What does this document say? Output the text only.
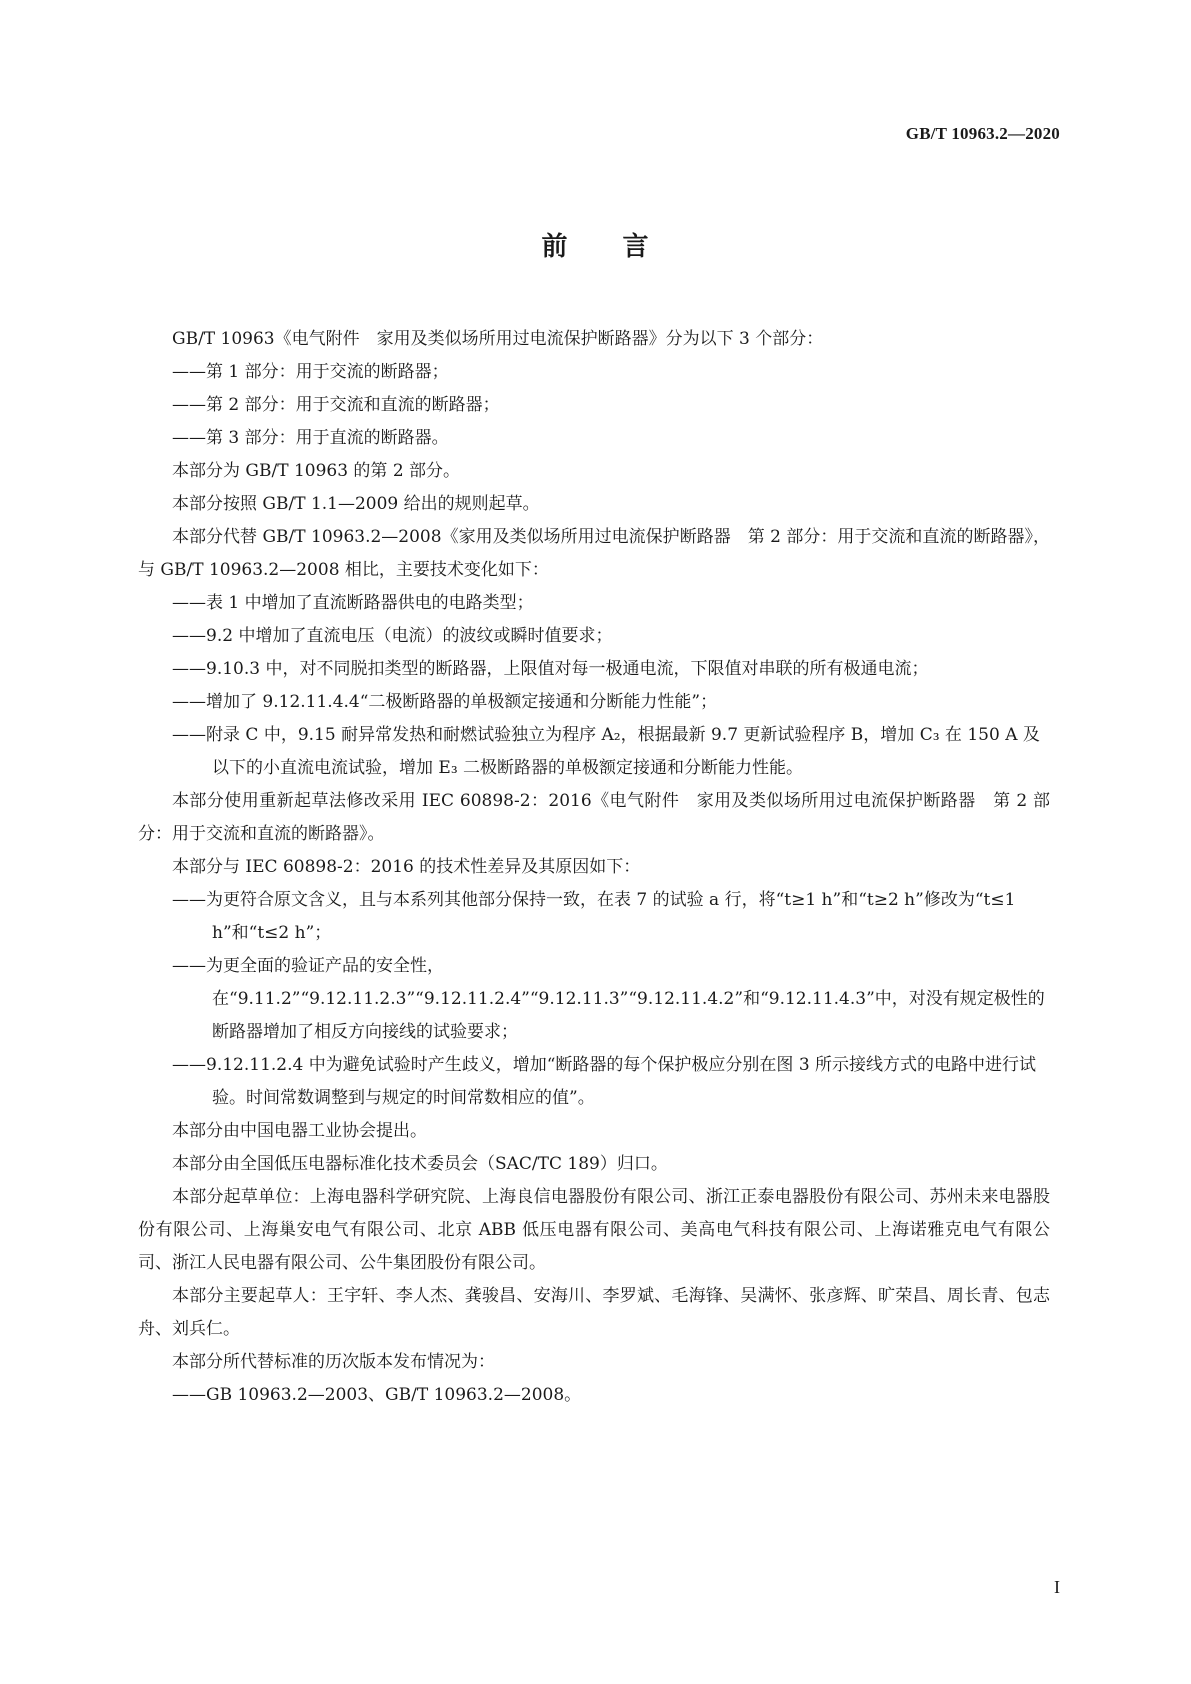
GB/T 10963.2—2020
前 言
GB/T 10963《电气附件　家用及类似场所用过电流保护断路器》分为以下 3 个部分：
——第 1 部分：用于交流的断路器；
——第 2 部分：用于交流和直流的断路器；
——第 3 部分：用于直流的断路器。
本部分为 GB/T 10963 的第 2 部分。
本部分按照 GB/T 1.1—2009 给出的规则起草。
本部分代替 GB/T 10963.2—2008《家用及类似场所用过电流保护断路器　第 2 部分：用于交流和直流的断路器》，与 GB/T 10963.2—2008 相比，主要技术变化如下：
——表 1 中增加了直流断路器供电的电路类型；
——9.2 中增加了直流电压（电流）的波纹或瞬时值要求；
——9.10.3 中，对不同脱扣类型的断路器，上限值对每一极通电流，下限值对串联的所有极通电流；
——增加了 9.12.11.4.4“二极断路器的单极额定接通和分断能力性能”；
——附录 C 中，9.15 耐异常发热和耐燃试验独立为程序 A₂，根据最新 9.7 更新试验程序 B，增加 C₃ 在 150 A 及以下的小直流电流试验，增加 E₃ 二极断路器的单极额定接通和分断能力性能。
本部分使用重新起草法修改采用 IEC 60898-2：2016《电气附件　家用及类似场所用过电流保护断路器　第 2 部分：用于交流和直流的断路器》。
本部分与 IEC 60898-2：2016 的技术性差异及其原因如下：
——为更符合原文含义，且与本系列其他部分保持一致，在表 7 的试验 a 行，将“t≥1 h”和“t≥2 h”修改为“t≤1 h”和“t≤2 h”；
——为更全面的验证产品的安全性，在“9.11.2”“9.12.11.2.3”“9.12.11.2.4”“9.12.11.3”“9.12.11.4.2”和“9.12.11.4.3”中，对没有规定极性的断路器增加了相反方向接线的试验要求；
——9.12.11.2.4 中为避免试验时产生歧义，增加“断路器的每个保护极应分别在图 3 所示接线方式的电路中进行试验。时间常数调整到与规定的时间常数相应的值”。
本部分由中国电器工业协会提出。
本部分由全国低压电器标准化技术委员会（SAC/TC 189）归口。
本部分起草单位：上海电器科学研究院、上海良信电器股份有限公司、浙江正泰电器股份有限公司、苏州未来电器股份有限公司、上海巢安电气有限公司、北京 ABB 低压电器有限公司、美高电气科技有限公司、上海诺雅克电气有限公司、浙江人民电器有限公司、公牛集团股份有限公司。
本部分主要起草人：王宇轩、李人杰、龚骏昌、安海川、李罗斌、毛海锋、吴满怀、张彦辉、旷荣昌、周长青、包志舟、刘兵仁。
本部分所代替标准的历次版本发布情况为：
——GB 10963.2—2003、GB/T 10963.2—2008。
I
